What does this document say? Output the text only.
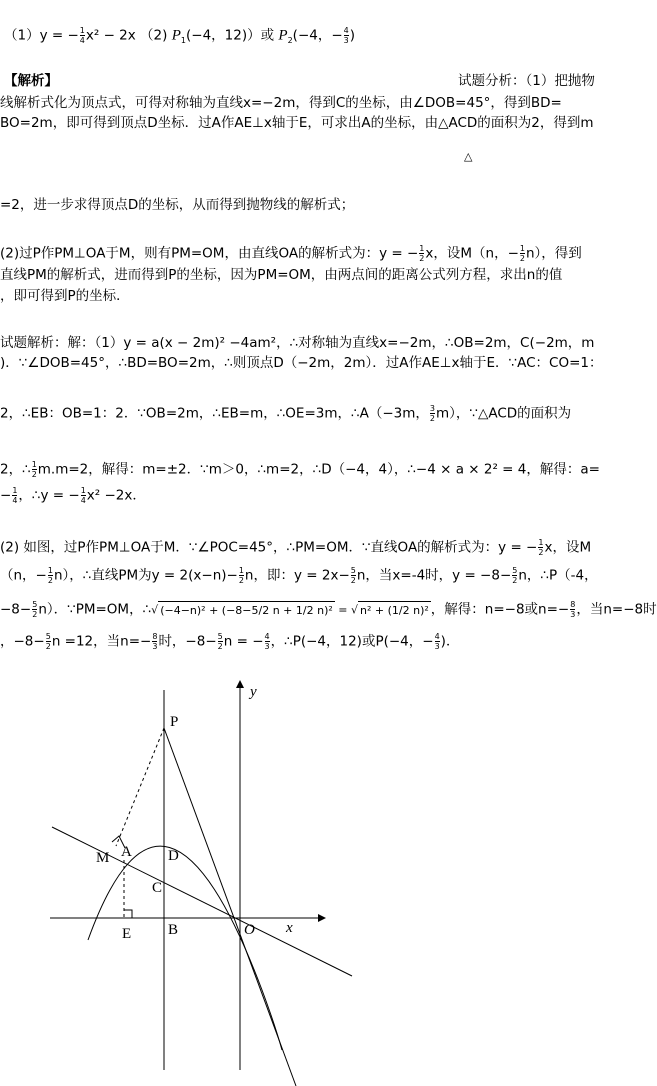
（1）y = − $\frac{1}{4} x^2 - 2x$ （2) $P_1(-4$，12)）或 $P_2(-4$，− $\frac{4}{3}$ )
【解析】	试题分析：（1）把抛物
线解析式化为顶点式，可得对称轴为直线x=−2m，得到C的坐标，由∠DOB=45°，得到BD=
BO=2m，即可得到顶点D坐标．过A作AE⊥x轴于E，可求出A的坐标，由△ACD的面积为2，得到m
△
=2，进一步求得顶点D的坐标，从而得到抛物线的解析式；
(2)过P作PM⊥OA于M，则有PM=OM，由直线OA的解析式为：y = − $\frac{1}{2}$ x，设M（n，− $\frac{1}{2} n$），得到
直线PM的解析式，进而得到P的坐标，因为PM=OM，由两点间的距离公式列方程，求出n的值
，即可得到P的坐标．
试题解析：解：（1）y = a(x − 2m)² −4am²，∴对称轴为直线x=−2m，∴OB=2m，C(−2m，m
)．∵∠DOB=45°，∴BD=BO=2m，∴则顶点D（−2m，2m）．过A作AE⊥x轴于E．∵AC：CO=1：
2，∴EB：OB=1：2．∵OB=2m，∴EB=m，∴OE=3m，∴A（−3m， $\frac{3}{2} m$），∵△ACD的面积为
2，∴ $\frac{1}{2} m.m=2$，解得：m=±2．∵m＞0，∴m=2，∴D（−4，4），∴−4 × a × 2² = 4，解得：a=
− $\frac{1}{4}$ ，∴y = − $\frac{1}{4} x^2 -2x$．
(2) 如图，过P作PM⊥OA于M．∵∠POC=45°，∴PM=OM．∵直线OA的解析式为：y = − $\frac{1}{2}$ x，设M
（n，− $\frac{1}{2} n$），∴直线PM为$y = 2(x-n)- \frac{1}{2}$ n，即：$y = 2x- \frac{5}{2}$ n，当x=-4时，$y = -8- \frac{5}{2}$ n，∴P（-4，
$-8- \frac{5}{2} n$）．∵PM=OM，∴√ (−4−n)² + (−8−5/2 n + 1/2 n)² = √ n² + (1/2 n)² ，解得：n=−8或$n=- \frac{8}{3}$ ，当n=−8时
，$-8- \frac{5}{2}$ n =12，当$n=- \frac{8}{3}$ 时，$-8- \frac{5}{2}$ n = − $\frac{4}{3}$ ，∴P(−4，12)或P(−4，− $\frac{4}{3}$ )．
P
M A D
C
E B	O x
y
